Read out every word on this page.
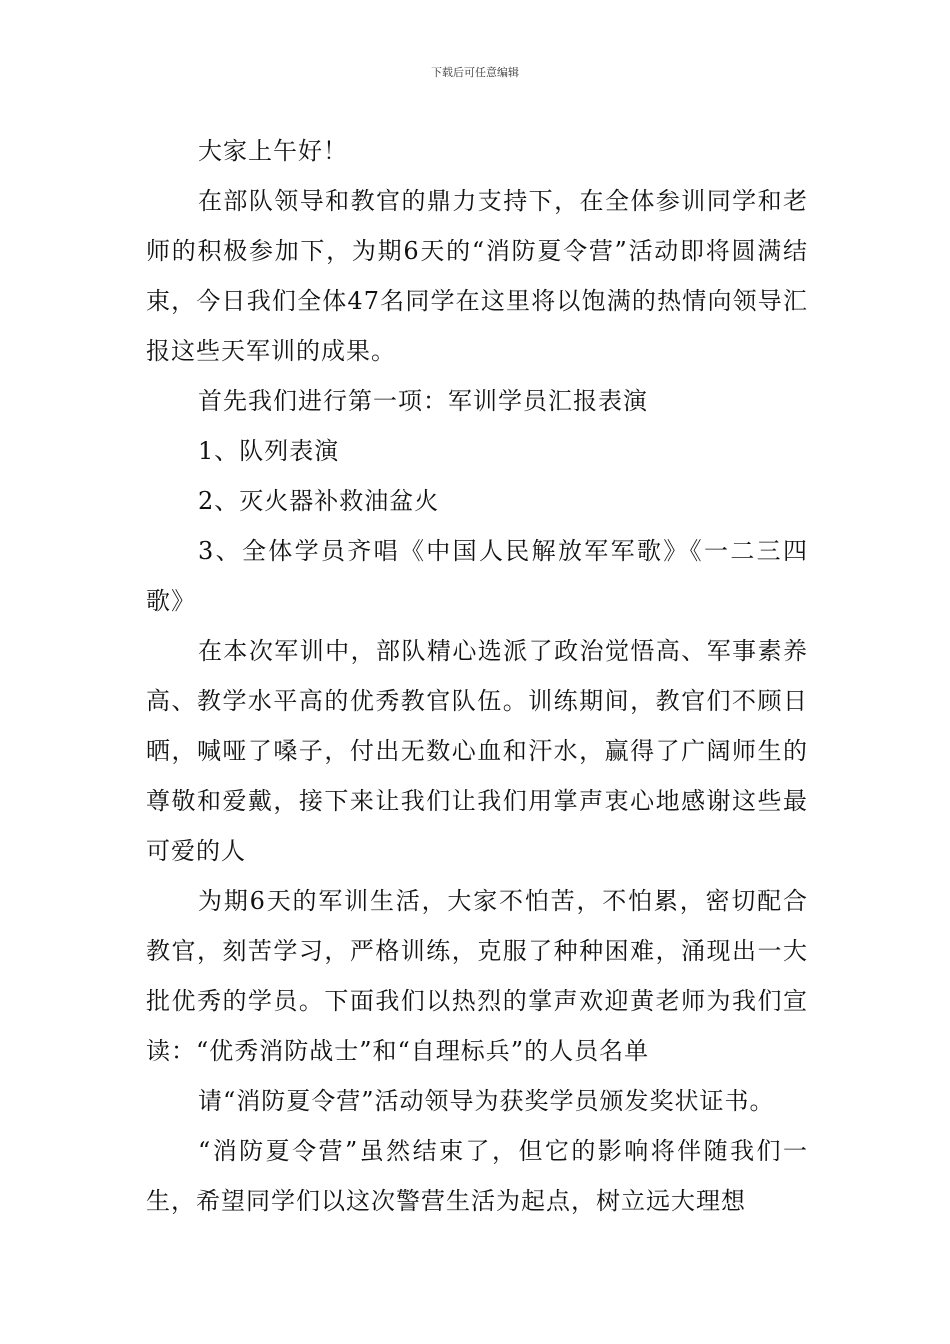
下载后可任意编辑

大家上午好！

在部队领导和教官的鼎力支持下，在全体参训同学和老师的积极参加下，为期6天的“消防夏令营”活动即将圆满结束，今日我们全体47名同学在这里将以饱满的热情向领导汇报这些天军训的成果。

首先我们进行第一项：军训学员汇报表演

1、队列表演

2、灭火器补救油盆火

3、全体学员齐唱《中国人民解放军军歌》《一二三四歌》

在本次军训中，部队精心选派了政治觉悟高、军事素养高、教学水平高的优秀教官队伍。训练期间，教官们不顾日晒，喊哑了嗓子，付出无数心血和汗水，赢得了广阔师生的尊敬和爱戴，接下来让我们让我们用掌声衷心地感谢这些最可爱的人

为期6天的军训生活，大家不怕苦，不怕累，密切配合教官，刻苦学习，严格训练，克服了种种困难，涌现出一大批优秀的学员。下面我们以热烈的掌声欢迎黄老师为我们宣读：“优秀消防战士”和“自理标兵”的人员名单

请“消防夏令营”活动领导为获奖学员颁发奖状证书。

“消防夏令营”虽然结束了，但它的影响将伴随我们一生，希望同学们以这次警营生活为起点，树立远大理想
